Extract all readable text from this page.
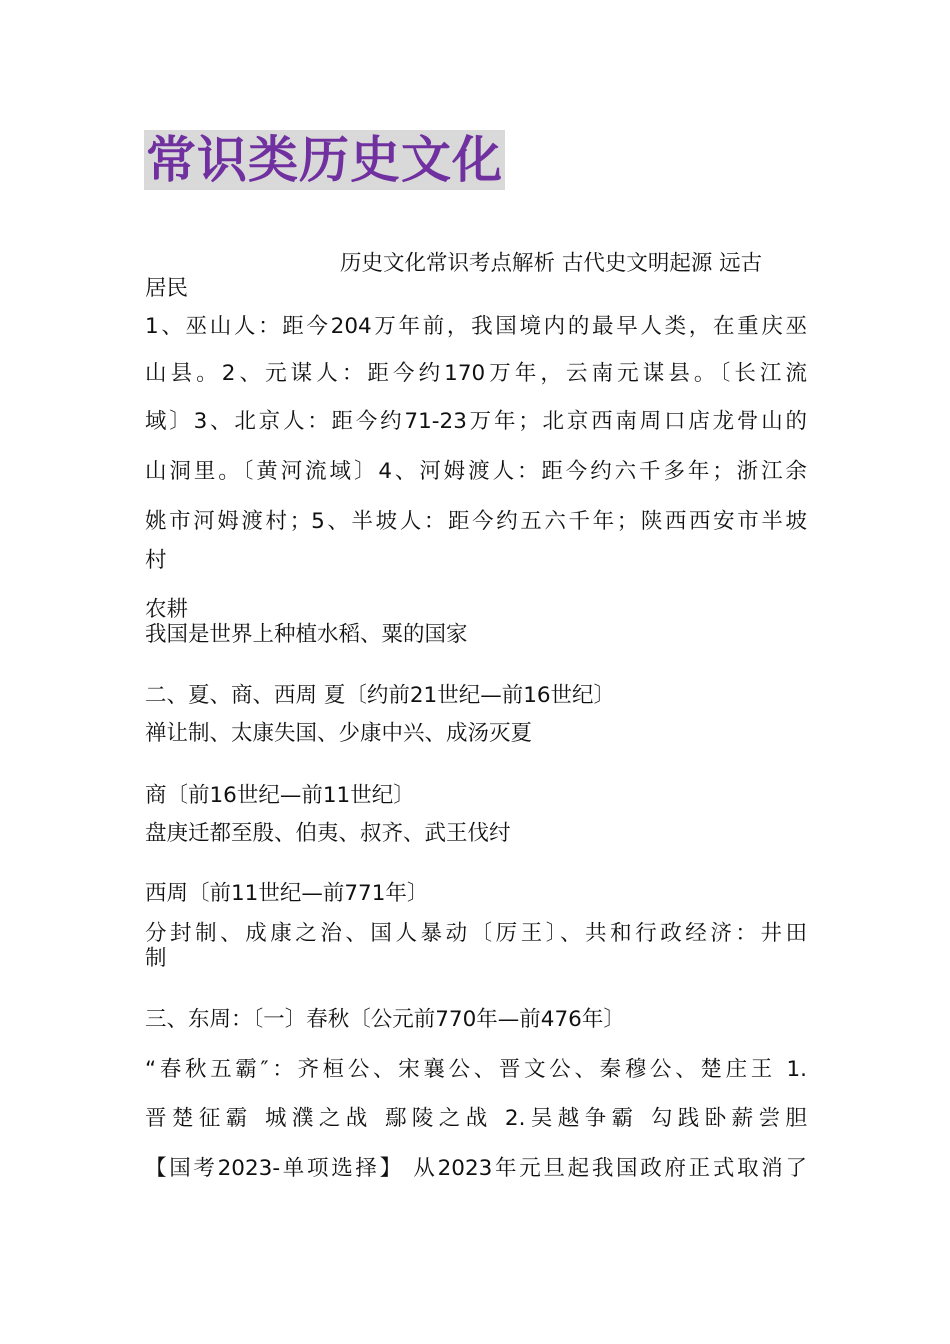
常识类历史文化
历史文化常识考点解析 古代史文明起源 远古
居民
1、巫山人：距今204万年前，我国境内的最早人类，在重庆巫
山县。2、元谋人：距今约170万年，云南元谋县。〔长江流
域〕3、北京人：距今约71-23万年；北京西南周口店龙骨山的
山洞里。〔黄河流域〕4、河姆渡人：距今约六千多年；浙江余
姚市河姆渡村；5、半坡人：距今约五六千年；陕西西安市半坡
村
农耕
我国是世界上种植水稻、粟的国家
二、夏、商、西周 夏〔约前21世纪—前16世纪〕
禅让制、太康失国、少康中兴、成汤灭夏
商〔前16世纪—前11世纪〕
盘庚迁都至殷、伯夷、叔齐、武王伐纣
西周〔前11世纪—前771年〕
分封制、成康之治、国人暴动〔厉王〕、共和行政经济：井田
制
三、东周：〔一〕春秋〔公元前770年—前476年〕
“春秋五霸″：齐桓公、宋襄公、晋文公、秦穆公、楚庄王 1.
晋楚征霸 城濮之战 鄢陵之战 2.吴越争霸 勾践卧薪尝胆
【国考2023-单项选择】 从2023年元旦起我国政府正式取消了
